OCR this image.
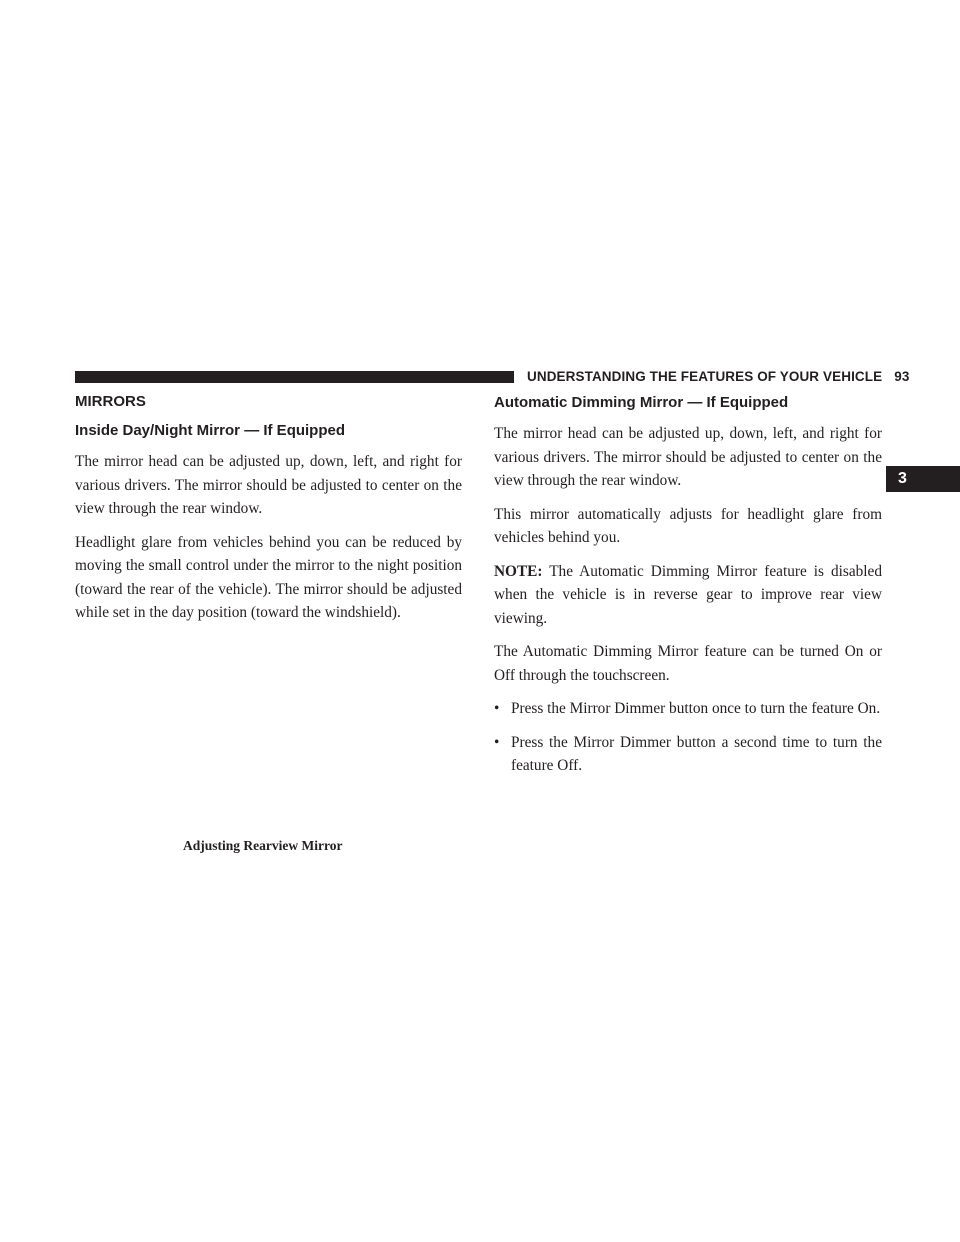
UNDERSTANDING THE FEATURES OF YOUR VEHICLE 93
3
MIRRORS
Inside Day/Night Mirror — If Equipped

The mirror head can be adjusted up, down, left, and right for various drivers. The mirror should be adjusted to center on the view through the rear window.

Headlight glare from vehicles behind you can be reduced by moving the small control under the mirror to the night position (toward the rear of the vehicle). The mirror should be adjusted while set in the day position (toward the windshield).

Adjusting Rearview Mirror
Automatic Dimming Mirror — If Equipped

The mirror head can be adjusted up, down, left, and right for various drivers. The mirror should be adjusted to center on the view through the rear window.

This mirror automatically adjusts for headlight glare from vehicles behind you.

NOTE: The Automatic Dimming Mirror feature is disabled when the vehicle is in reverse gear to improve rear view viewing.

The Automatic Dimming Mirror feature can be turned On or Off through the touchscreen.

• Press the Mirror Dimmer button once to turn the feature On.
• Press the Mirror Dimmer button a second time to turn the feature Off.
